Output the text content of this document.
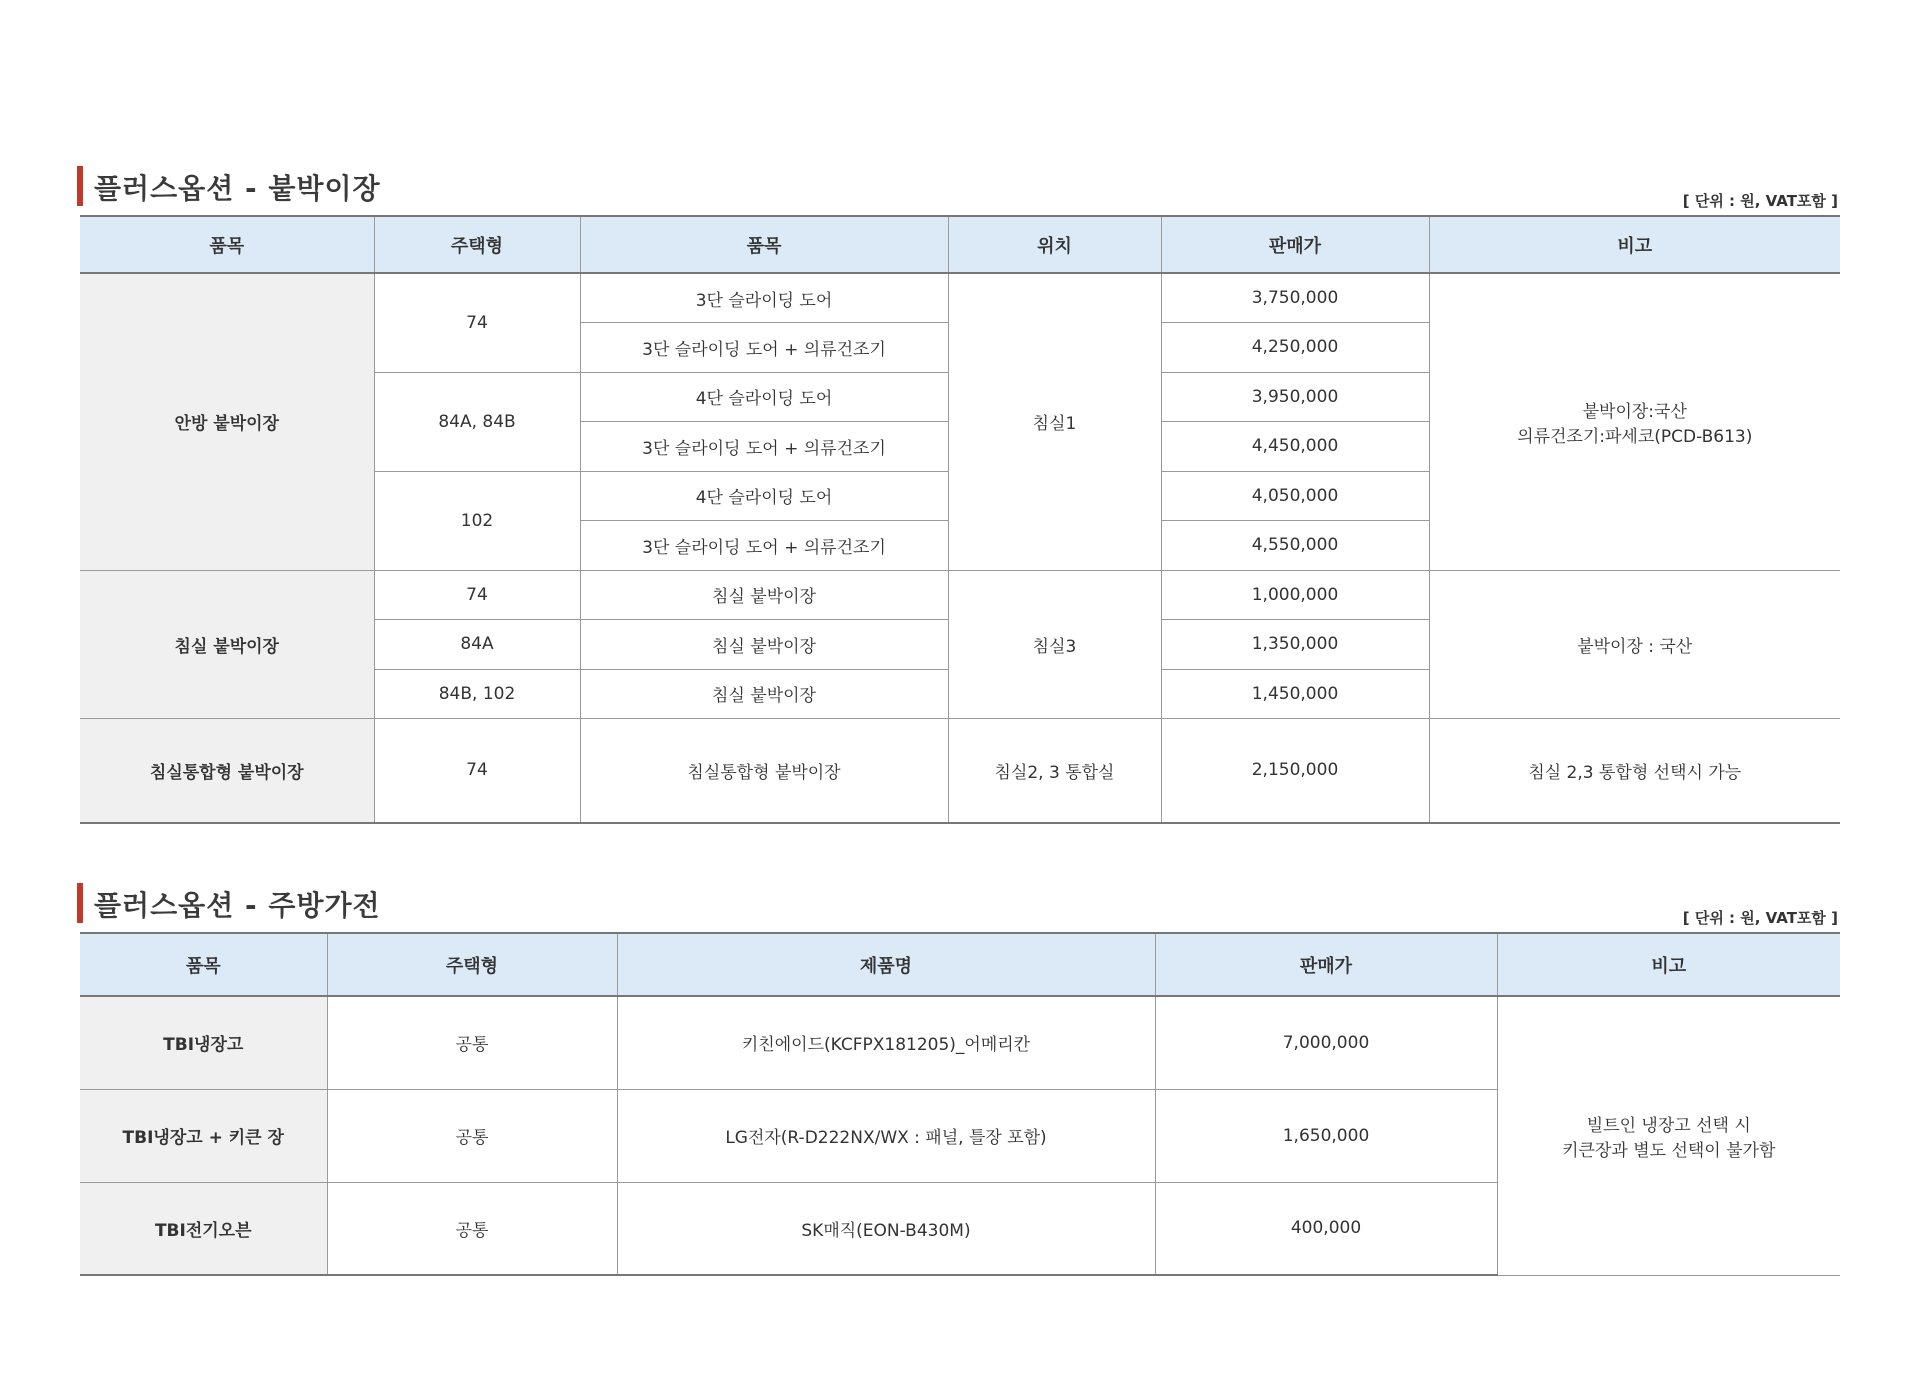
플러스옵션 - 붙박이장	[ 단위 : 원, VAT포함 ]
품목	주택형	품목	위치	판매가	비고
안방 붙박이장	74	3단 슬라이딩 도어	침실1	3,750,000	붙박이장:국산
의류건조기:파세코(PCD-B613)

		3단 슬라이딩 도어 + 의류건조기		4,250,000	
	84A, 84B	4단 슬라이딩 도어		3,950,000	
		3단 슬라이딩 도어 + 의류건조기		4,450,000	
	102	4단 슬라이딩 도어		4,050,000	
		3단 슬라이딩 도어 + 의류건조기		4,550,000	
침실 붙박이장	74	침실 붙박이장	침실3	1,000,000	붙박이장 : 국산
	84A	침실 붙박이장		1,350,000	
	84B, 102	침실 붙박이장		1,450,000	
침실통합형 붙박이장	74	침실통합형 붙박이장	침실2, 3 통합실	2,150,000	침실 2,3 통합형 선택시 가능
플러스옵션 - 주방가전	[ 단위 : 원, VAT포함 ]
품목	주택형	제품명	판매가	비고
TBI냉장고	공통	키친에이드(KCFPX181205)_어메리칸	7,000,000	빌트인 냉장고 선택 시
키큰장과 별도 선택이 불가함

TBI냉장고 + 키큰 장	공통	LG전자(R-D222NX/WX : 패널, 틀장 포함)	1,650,000	
TBI전기오븐	공통	SK매직(EON-B430M)	400,000	
